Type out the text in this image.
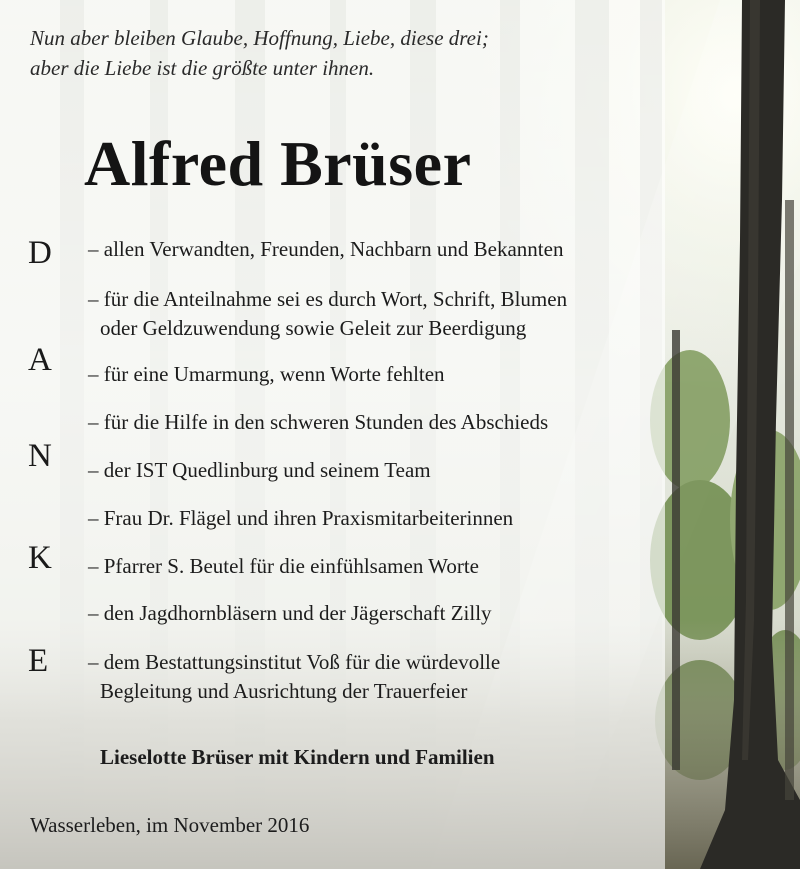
Nun aber bleiben Glaube, Hoffnung, Liebe, diese drei;
aber die Liebe ist die größte unter ihnen.
Alfred Brüser
D
A
N
K
E
– allen Verwandten, Freunden, Nachbarn und Bekannten
– für die Anteilnahme sei es durch Wort, Schrift, Blumen
oder Geldzuwendung sowie Geleit zur Beerdigung
– für eine Umarmung, wenn Worte fehlten
– für die Hilfe in den schweren Stunden des Abschieds
– der IST Quedlinburg und seinem Team
– Frau Dr. Flägel und ihren Praxismitarbeiterinnen
– Pfarrer S. Beutel für die einfühlsamen Worte
– den Jagdhornbläsern und der Jägerschaft Zilly
– dem Bestattungsinstitut Voß für die würdevolle
Begleitung und Ausrichtung der Trauerfeier
Lieselotte Brüser mit Kindern und Familien
Wasserleben, im November 2016
